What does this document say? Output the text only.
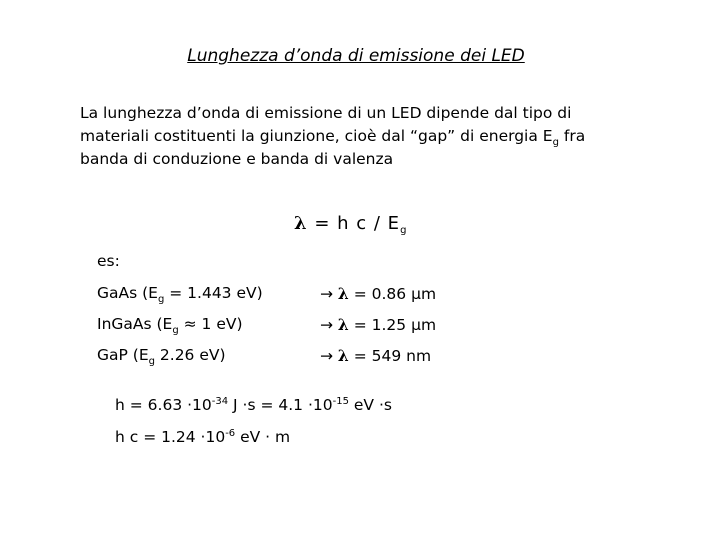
Lunghezza d’onda di emissione dei LED
La lunghezza d’onda di emissione di un LED dipende dal tipo di
materiali costituenti la giunzione, cioè dal “gap” di energia $E_g$ fra
banda di conduzione e banda di valenza
λ = h c / $E_g$
es:
GaAs ($E_g = 1.443$ eV)	→ λ = 0.86 μm
InGaAs ($E_g \approx 1$ eV)	→ λ = 1.25 μm
GaP ($E_g$ 2.26 eV)	→ λ = 549 nm
$h = 6.63 \cdot 10^{-34}$ $J \cdot s = 4.1 \cdot 10^{-15}$ eV ·s
h $c = 1.24 \cdot 10^{-6}$ eV · m
